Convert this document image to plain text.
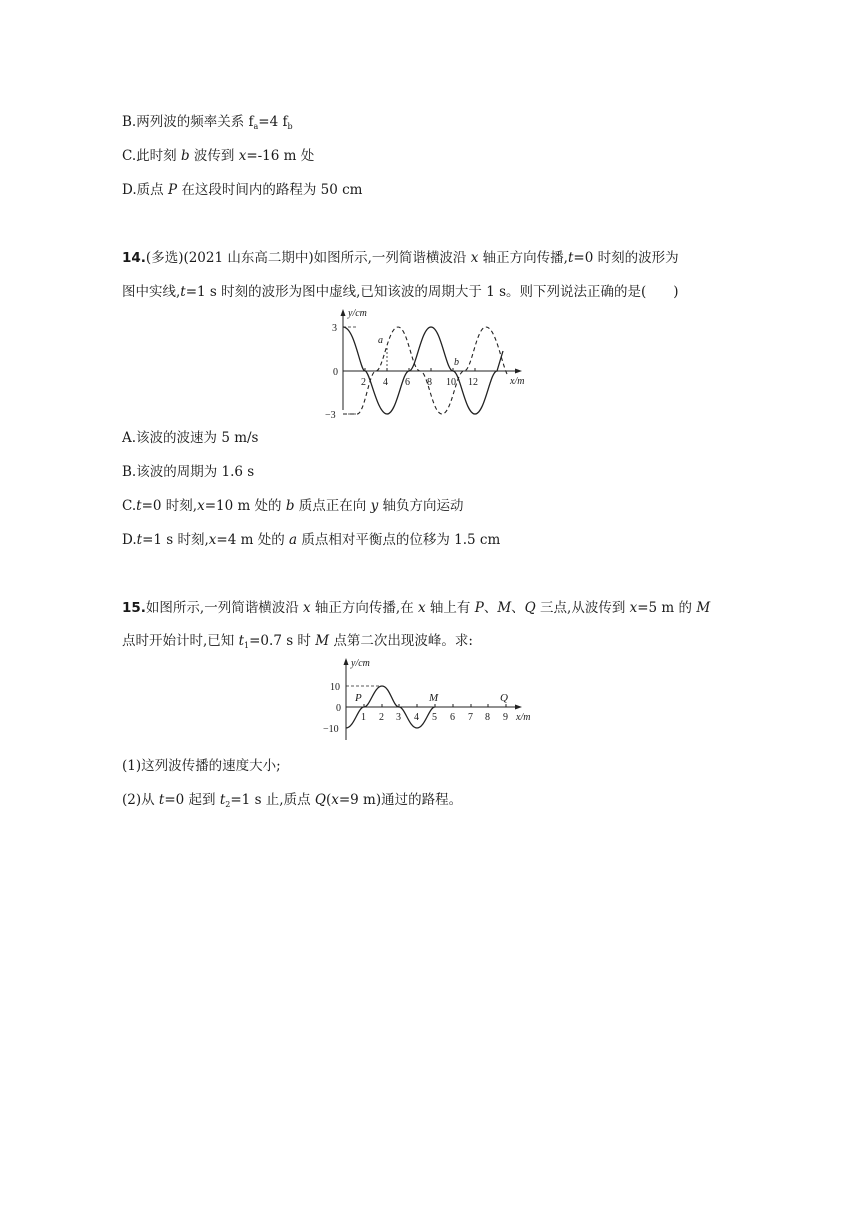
B.两列波的频率关系 $f_a=4$ $f_b$
C.此时刻 b 波传到 x=-16 m 处
D.质点 P 在这段时间内的路程为 50 cm
14.(多选)(2021 山东高二期中)如图所示,一列简谐横波沿 x 轴正方向传播,t=0 时刻的波形为
图中实线,t=1 s 时刻的波形为图中虚线,已知该波的周期大于 1 s。则下列说法正确的是(　　)
y/cm
x/m
3
0
−3
2 4 6 8 10 12
a
b
A.该波的波速为 5 m/s
B.该波的周期为 1.6 s
C.t=0 时刻,x=10 m 处的 b 质点正在向 y 轴负方向运动
D.t=1 s 时刻,x=4 m 处的 a 质点相对平衡点的位移为 1.5 cm
15.如图所示,一列简谐横波沿 x 轴正方向传播,在 x 轴上有 P、M、Q 三点,从波传到 x=5 m 的 M
点时开始计时,已知 $t_1=0.7$ s 时 M 点第二次出现波峰。求:
y/cm
x/m
10
0
−10
1 2 3 4 5 6 7 8 9
P	M	Q
(1)这列波传播的速度大小;
(2)从 t=0 起到 $t_2=1$ s 止,质点 Q(x=9 m)通过的路程。
